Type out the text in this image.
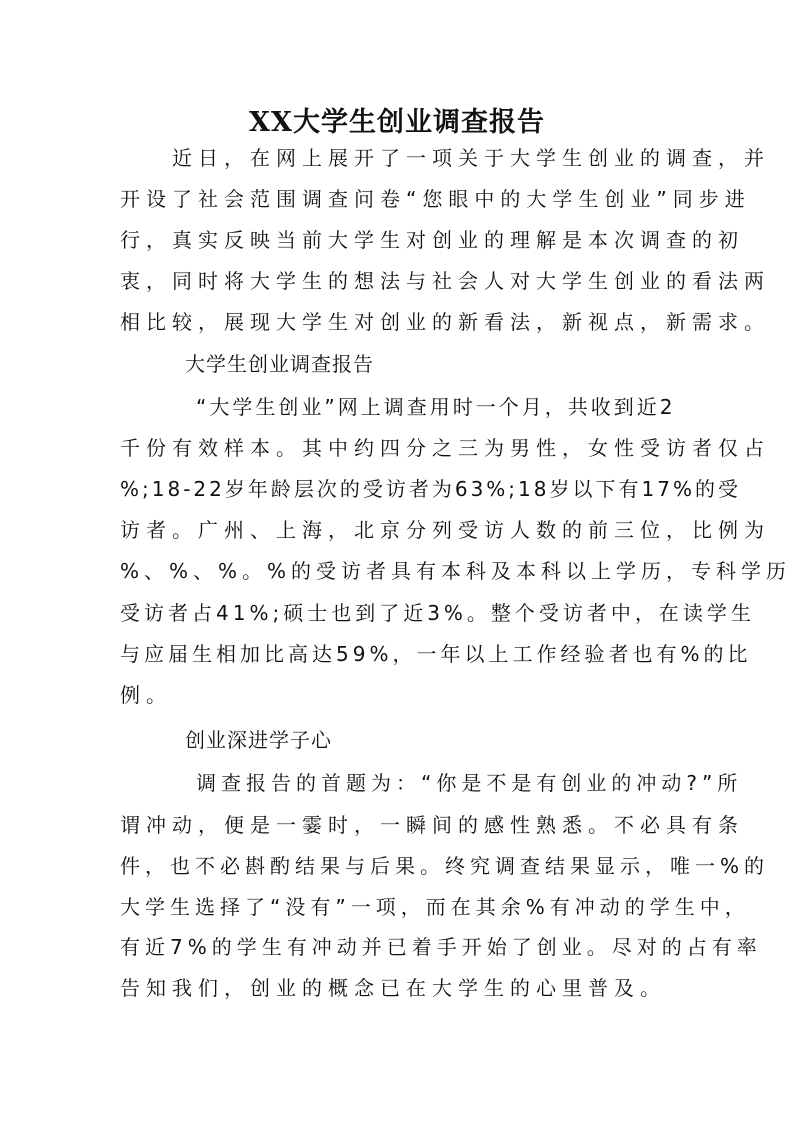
XX大学生创业调查报告
近日，在网上展开了一项关于大学生创业的调查，并
开设了社会范围调查问卷“您眼中的大学生创业”同步进
行，真实反映当前大学生对创业的理解是本次调查的初
衷，同时将大学生的想法与社会人对大学生创业的看法两
相比较，展现大学生对创业的新看法，新视点，新需求。
大学生创业调查报告
“大学生创业”网上调查用时一个月，共收到近2
千份有效样本。其中约四分之三为男性，女性受访者仅占
%;18-22岁年龄层次的受访者为63%;18岁以下有17%的受
访者。广州、上海，北京分列受访人数的前三位，比例为
%、%、%。%的受访者具有本科及本科以上学历，专科学历
受访者占41%;硕士也到了近3%。整个受访者中，在读学生
与应届生相加比高达59%，一年以上工作经验者也有%的比
例。
创业深进学子心
调查报告的首题为：“你是不是有创业的冲动?”所
谓冲动，便是一霎时，一瞬间的感性熟悉。不必具有条
件，也不必斟酌结果与后果。终究调查结果显示，唯一%的
大学生选择了“没有”一项，而在其余%有冲动的学生中，
有近7%的学生有冲动并已着手开始了创业。尽对的占有率
告知我们，创业的概念已在大学生的心里普及。
